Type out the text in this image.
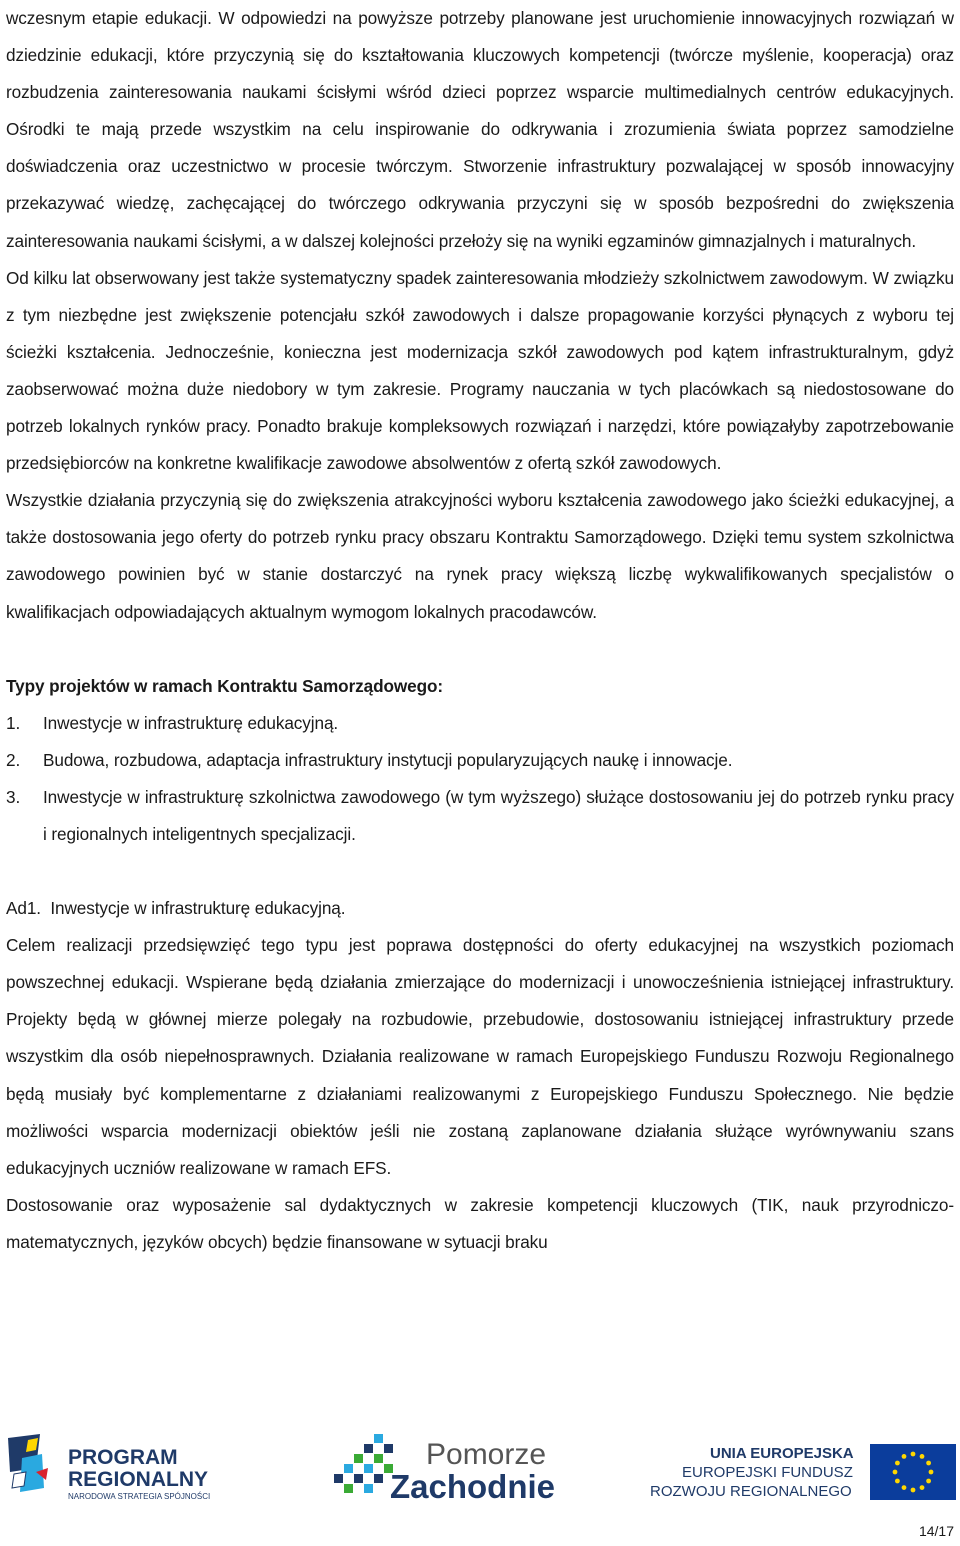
wczesnym etapie edukacji. W odpowiedzi na powyższe potrzeby planowane jest uruchomienie innowacyjnych rozwiązań w dziedzinie edukacji, które przyczynią się do kształtowania kluczowych kompetencji (twórcze myślenie, kooperacja) oraz rozbudzenia zainteresowania naukami ścisłymi wśród dzieci poprzez wsparcie multimedialnych centrów edukacyjnych. Ośrodki te mają przede wszystkim na celu inspirowanie do odkrywania i zrozumienia świata poprzez samodzielne doświadczenia oraz uczestnictwo w procesie twórczym. Stworzenie infrastruktury pozwalającej w sposób innowacyjny przekazywać wiedzę, zachęcającej do twórczego odkrywania przyczyni się w sposób bezpośredni do zwiększenia zainteresowania naukami ścisłymi, a w dalszej kolejności przełoży się na wyniki egzaminów gimnazjalnych i maturalnych.

Od kilku lat obserwowany jest także systematyczny spadek zainteresowania młodzieży szkolnictwem zawodowym. W związku z tym niezbędne jest zwiększenie potencjału szkół zawodowych i dalsze propagowanie korzyści płynących z wyboru tej ścieżki kształcenia. Jednocześnie, konieczna jest modernizacja szkół zawodowych pod kątem infrastrukturalnym, gdyż zaobserwować można duże niedobory w tym zakresie. Programy nauczania w tych placówkach są niedostosowane do potrzeb lokalnych rynków pracy. Ponadto brakuje kompleksowych rozwiązań i narzędzi, które powiązałyby zapotrzebowanie przedsiębiorców na konkretne kwalifikacje zawodowe absolwentów z ofertą szkół zawodowych.

Wszystkie działania przyczynią się do zwiększenia atrakcyjności wyboru kształcenia zawodowego jako ścieżki edukacyjnej, a także dostosowania jego oferty do potrzeb rynku pracy obszaru Kontraktu Samorządowego. Dzięki temu system szkolnictwa zawodowego powinien być w stanie dostarczyć na rynek pracy większą liczbę wykwalifikowanych specjalistów o kwalifikacjach odpowiadających aktualnym wymogom lokalnych pracodawców.

Typy projektów w ramach Kontraktu Samorządowego:

1.	Inwestycje w infrastrukturę edukacyjną.
2.	Budowa, rozbudowa, adaptacja infrastruktury instytucji popularyzujących naukę i innowacje.
3.	Inwestycje w infrastrukturę szkolnictwa zawodowego (w tym wyższego) służące dostosowaniu jej do potrzeb rynku pracy i regionalnych inteligentnych specjalizacji.

Ad1. Inwestycje w infrastrukturę edukacyjną.

Celem realizacji przedsięwzięć tego typu jest poprawa dostępności do oferty edukacyjnej na wszystkich poziomach powszechnej edukacji. Wspierane będą działania zmierzające do modernizacji i unowocześnienia istniejącej infrastruktury. Projekty będą w głównej mierze polegały na rozbudowie, przebudowie, dostosowaniu istniejącej infrastruktury przede wszystkim dla osób niepełnosprawnych. Działania realizowane w ramach Europejskiego Funduszu Rozwoju Regionalnego będą musiały być komplementarne z działaniami realizowanymi z Europejskiego Funduszu Społecznego. Nie będzie możliwości wsparcia modernizacji obiektów jeśli nie zostaną zaplanowane działania służące wyrównywaniu szans edukacyjnych uczniów realizowane w ramach EFS.

Dostosowanie oraz wyposażenie sal dydaktycznych w zakresie kompetencji kluczowych (TIK, nauk przyrodniczo-matematycznych, języków obcych) będzie finansowane w sytuacji braku

PROGRAM
REGIONALNY
NARODOWA STRATEGIA SPÓJNOŚCI
Pomorze
Zachodnie
UNIA EUROPEJSKA
EUROPEJSKI FUNDUSZ
ROZWOJU REGIONALNEGO
14/17
